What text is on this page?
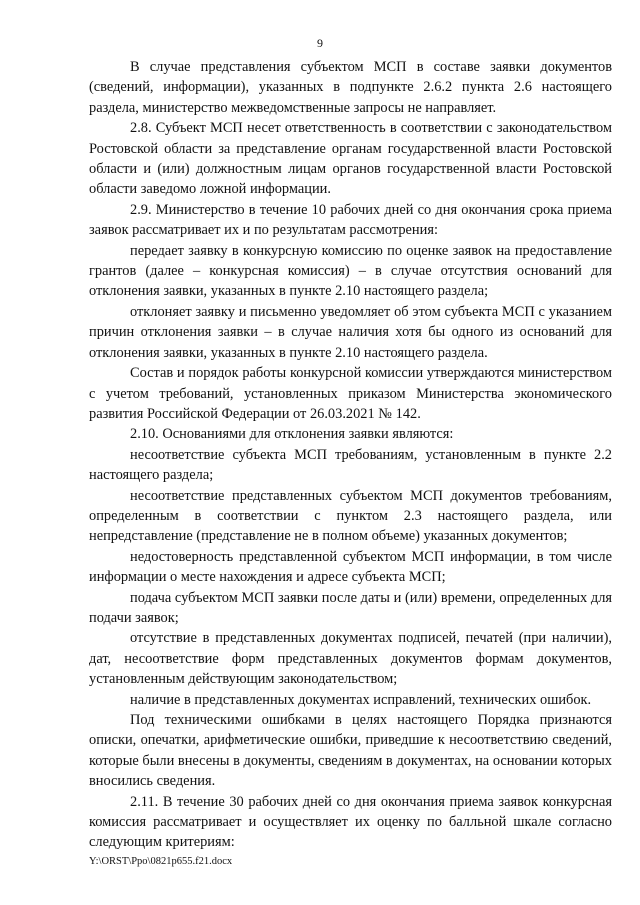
9

В случае представления субъектом МСП в составе заявки документов (сведений, информации), указанных в подпункте 2.6.2 пункта 2.6 настоящего раздела, министерство межведомственные запросы не направляет.

2.8. Субъект МСП несет ответственность в соответствии с законодательством Ростовской области за представление органам государственной власти Ростовской области и (или) должностным лицам органов государственной власти Ростовской области заведомо ложной информации.

2.9. Министерство в течение 10 рабочих дней со дня окончания срока приема заявок рассматривает их и по результатам рассмотрения:

передает заявку в конкурсную комиссию по оценке заявок на предоставление грантов (далее – конкурсная комиссия) – в случае отсутствия оснований для отклонения заявки, указанных в пункте 2.10 настоящего раздела;

отклоняет заявку и письменно уведомляет об этом субъекта МСП с указанием причин отклонения заявки – в случае наличия хотя бы одного из оснований для отклонения заявки, указанных в пункте 2.10 настоящего раздела.

Состав и порядок работы конкурсной комиссии утверждаются министерством с учетом требований, установленных приказом Министерства экономического развития Российской Федерации от 26.03.2021 № 142.

2.10. Основаниями для отклонения заявки являются:

несоответствие субъекта МСП требованиям, установленным в пункте 2.2 настоящего раздела;

несоответствие представленных субъектом МСП документов требованиям, определенным в соответствии с пунктом 2.3 настоящего раздела, или непредставление (представление не в полном объеме) указанных документов;

недостоверность представленной субъектом МСП информации, в том числе информации о месте нахождения и адресе субъекта МСП;

подача субъектом МСП заявки после даты и (или) времени, определенных для подачи заявок;

отсутствие в представленных документах подписей, печатей (при наличии), дат, несоответствие форм представленных документов формам документов, установленным действующим законодательством;

наличие в представленных документах исправлений, технических ошибок.

Под техническими ошибками в целях настоящего Порядка признаются описки, опечатки, арифметические ошибки, приведшие к несоответствию сведений, которые были внесены в документы, сведениям в документах, на основании которых вносились сведения.

2.11. В течение 30 рабочих дней со дня окончания приема заявок конкурсная комиссия рассматривает и осуществляет их оценку по балльной шкале согласно следующим критериям:

Y:\ORST\Ppo\0821p655.f21.docx
